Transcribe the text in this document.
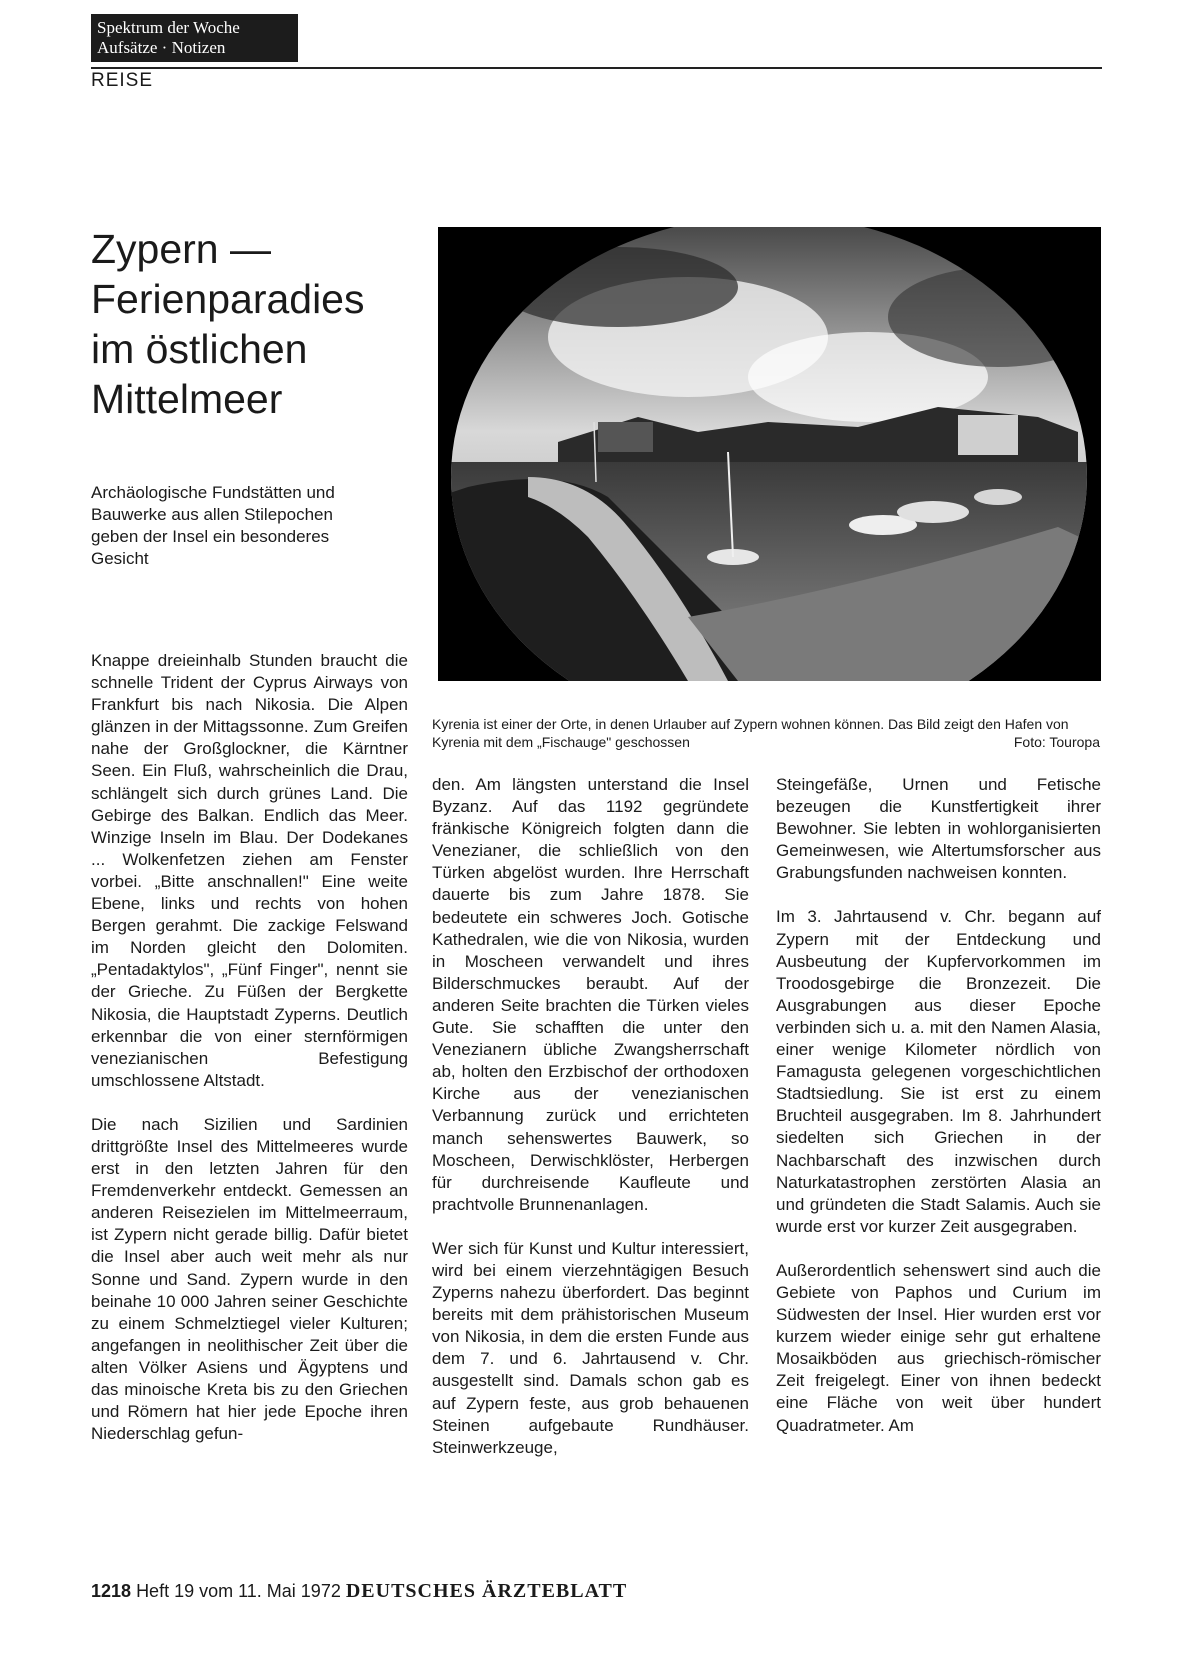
Spektrum der Woche
Aufsätze · Notizen
REISE
Zypern —
Ferienparadies
im östlichen
Mittelmeer
Archäologische Fundstätten und Bauwerke aus allen Stilepochen geben der Insel ein besonderes Gesicht
Kyrenia ist einer der Orte, in denen Urlauber auf Zypern wohnen können. Das Bild zeigt den Hafen von Kyrenia mit dem „Fischauge" geschossen	Foto: Touropa

Knappe dreieinhalb Stunden braucht die schnelle Trident der Cyprus Airways von Frankfurt bis nach Nikosia. Die Alpen glänzen in der Mittagssonne. Zum Greifen nahe der Großglockner, die Kärntner Seen. Ein Fluß, wahrscheinlich die Drau, schlängelt sich durch grünes Land. Die Gebirge des Balkan. Endlich das Meer. Winzige Inseln im Blau. Der Dodekanes ... Wolkenfetzen ziehen am Fenster vorbei. „Bitte anschnallen!" Eine weite Ebene, links und rechts von hohen Bergen gerahmt. Die zackige Felswand im Norden gleicht den Dolomiten. „Pentadaktylos", „Fünf Finger", nennt sie der Grieche. Zu Füßen der Bergkette Nikosia, die Hauptstadt Zyperns. Deutlich erkennbar die von einer sternförmigen venezianischen Befestigung umschlossene Altstadt.

Die nach Sizilien und Sardinien drittgrößte Insel des Mittelmeeres wurde erst in den letzten Jahren für den Fremdenverkehr entdeckt. Gemessen an anderen Reisezielen im Mittelmeerraum, ist Zypern nicht gerade billig. Dafür bietet die Insel aber auch weit mehr als nur Sonne und Sand. Zypern wurde in den beinahe 10 000 Jahren seiner Geschichte zu einem Schmelztiegel vieler Kulturen; angefangen in neolithischer Zeit über die alten Völker Asiens und Ägyptens und das minoische Kreta bis zu den Griechen und Römern hat hier jede Epoche ihren Niederschlag gefun-

den. Am längsten unterstand die Insel Byzanz. Auf das 1192 gegründete fränkische Königreich folgten dann die Venezianer, die schließlich von den Türken abgelöst wurden. Ihre Herrschaft dauerte bis zum Jahre 1878. Sie bedeutete ein schweres Joch. Gotische Kathedralen, wie die von Nikosia, wurden in Moscheen verwandelt und ihres Bilderschmuckes beraubt. Auf der anderen Seite brachten die Türken vieles Gute. Sie schafften die unter den Venezianern übliche Zwangsherrschaft ab, holten den Erzbischof der orthodoxen Kirche aus der venezianischen Verbannung zurück und errichteten manch sehenswertes Bauwerk, so Moscheen, Derwischklöster, Herbergen für durchreisende Kaufleute und prachtvolle Brunnenanlagen.

Wer sich für Kunst und Kultur interessiert, wird bei einem vierzehntägigen Besuch Zyperns nahezu überfordert. Das beginnt bereits mit dem prähistorischen Museum von Nikosia, in dem die ersten Funde aus dem 7. und 6. Jahrtausend v. Chr. ausgestellt sind. Damals schon gab es auf Zypern feste, aus grob behauenen Steinen aufgebaute Rundhäuser. Steinwerkzeuge,

Steingefäße, Urnen und Fetische bezeugen die Kunstfertigkeit ihrer Bewohner. Sie lebten in wohlorganisierten Gemeinwesen, wie Altertumsforscher aus Grabungsfunden nachweisen konnten.

Im 3. Jahrtausend v. Chr. begann auf Zypern mit der Entdeckung und Ausbeutung der Kupfervorkommen im Troodosgebirge die Bronzezeit. Die Ausgrabungen aus dieser Epoche verbinden sich u. a. mit den Namen Alasia, einer wenige Kilometer nördlich von Famagusta gelegenen vorgeschichtlichen Stadtsiedlung. Sie ist erst zu einem Bruchteil ausgegraben. Im 8. Jahrhundert siedelten sich Griechen in der Nachbarschaft des inzwischen durch Naturkatastrophen zerstörten Alasia an und gründeten die Stadt Salamis. Auch sie wurde erst vor kurzer Zeit ausgegraben.

Außerordentlich sehenswert sind auch die Gebiete von Paphos und Curium im Südwesten der Insel. Hier wurden erst vor kurzem wieder einige sehr gut erhaltene Mosaikböden aus griechisch-römischer Zeit freigelegt. Einer von ihnen bedeckt eine Fläche von weit über hundert Quadratmeter. Am

1218 Heft 19 vom 11. Mai 1972 DEUTSCHES ÄRZTEBLATT
